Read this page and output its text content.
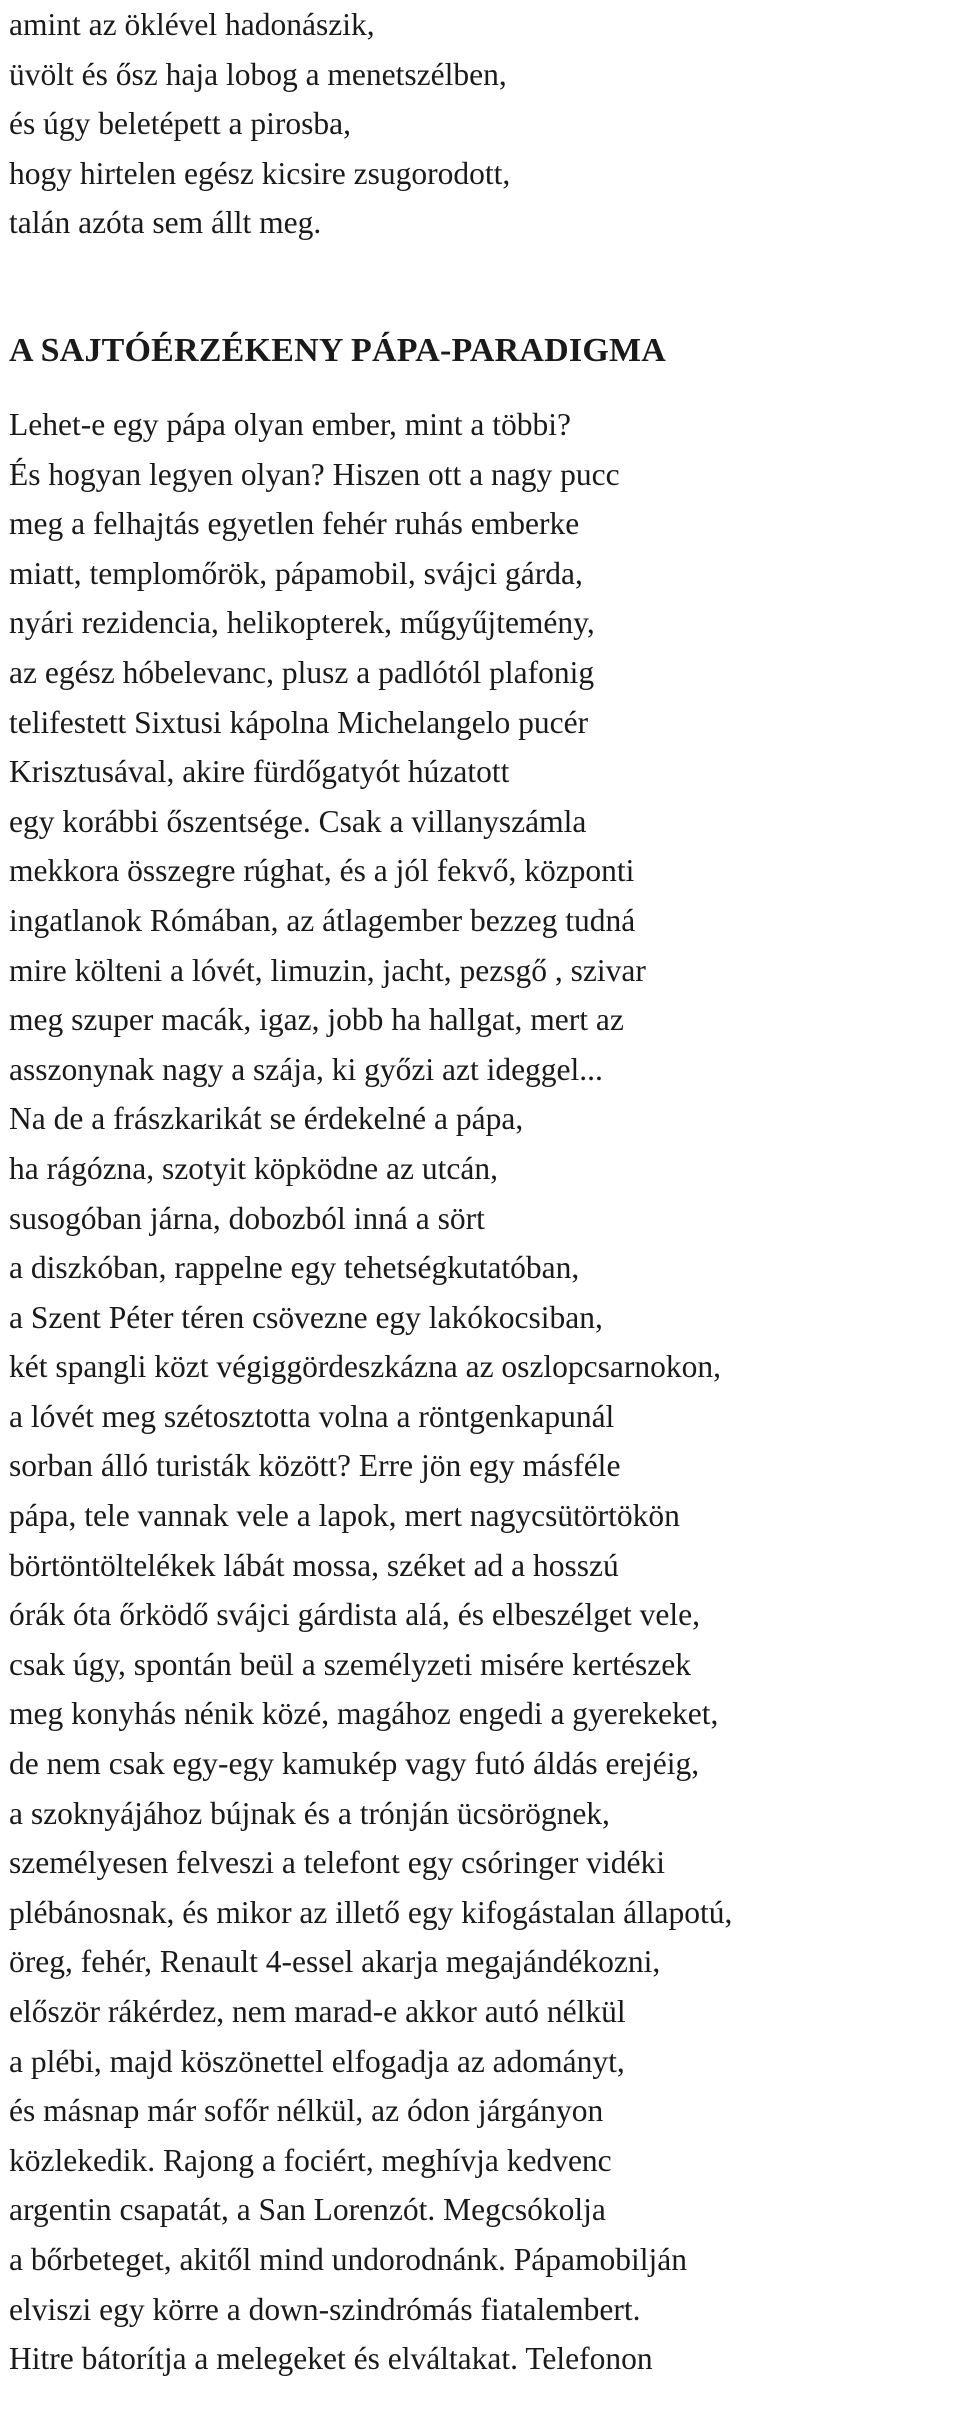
amint az öklével hadonászik,
üvölt és ősz haja lobog a menetszélben,
és úgy beletépett a pirosba,
hogy hirtelen egész kicsire zsugorodott,
talán azóta sem állt meg.
A SAJTÓÉRZÉKENY PÁPA-PARADIGMA
Lehet-e egy pápa olyan ember, mint a többi?
És hogyan legyen olyan? Hiszen ott a nagy pucc
meg a felhajtás egyetlen fehér ruhás emberke
miatt, templomőrök, pápamobil, svájci gárda,
nyári rezidencia, helikopterek, műgyűjtemény,
az egész hóbelevanc, plusz a padlótól plafonig
telifestett Sixtusi kápolna Michelangelo pucér
Krisztusával, akire fürdőgatyót húzatott
egy korábbi őszentsége. Csak a villanyszámla
mekkora összegre rúghat, és a jól fekvő, központi
ingatlanok Rómában, az átlagember bezzeg tudná
mire költeni a lóvét, limuzin, jacht, pezsgő , szivar
meg szuper macák, igaz, jobb ha hallgat, mert az
asszonynak nagy a szája, ki győzi azt ideggel...
Na de a frászkarikát se érdekelné a pápa,
ha rágózna, szotyit köpködne az utcán,
susogóban járna, dobozból inná a sört
a diszkóban, rappelne egy tehetségkutatóban,
a Szent Péter téren csövezne egy lakókocsiban,
két spangli közt végiggördeszkázna az oszlopcsarnokon,
a lóvét meg szétosztotta volna a röntgenkapunál
sorban álló turisták között? Erre jön egy másféle
pápa, tele vannak vele a lapok, mert nagycsütörtökön
börtöntöltelékek lábát mossa, széket ad a hosszú
órák óta őrködő svájci gárdista alá, és elbeszélget vele,
csak úgy, spontán beül a személyzeti misére kertészek
meg konyhás nénik közé, magához engedi a gyerekeket,
de nem csak egy-egy kamukép vagy futó áldás erejéig,
a szoknyájához bújnak és a trónján ücsörögnek,
személyesen felveszi a telefont egy csóringer vidéki
plébánosnak, és mikor az illető egy kifogástalan állapotú,
öreg, fehér, Renault 4-essel akarja megajándékozni,
először rákérdez, nem marad-e akkor autó nélkül
a plébi, majd köszönettel elfogadja az adományt,
és másnap már sofőr nélkül, az ódon járgányon
közlekedik. Rajong a fociért, meghívja kedvenc
argentin csapatát, a San Lorenzót. Megcsókolja
a bőrbeteget, akitől mind undorodnánk. Pápamobilján
elviszi egy körre a down-szindrómás fiatalembert.
Hitre bátorítja a melegeket és elváltakat. Telefonon
